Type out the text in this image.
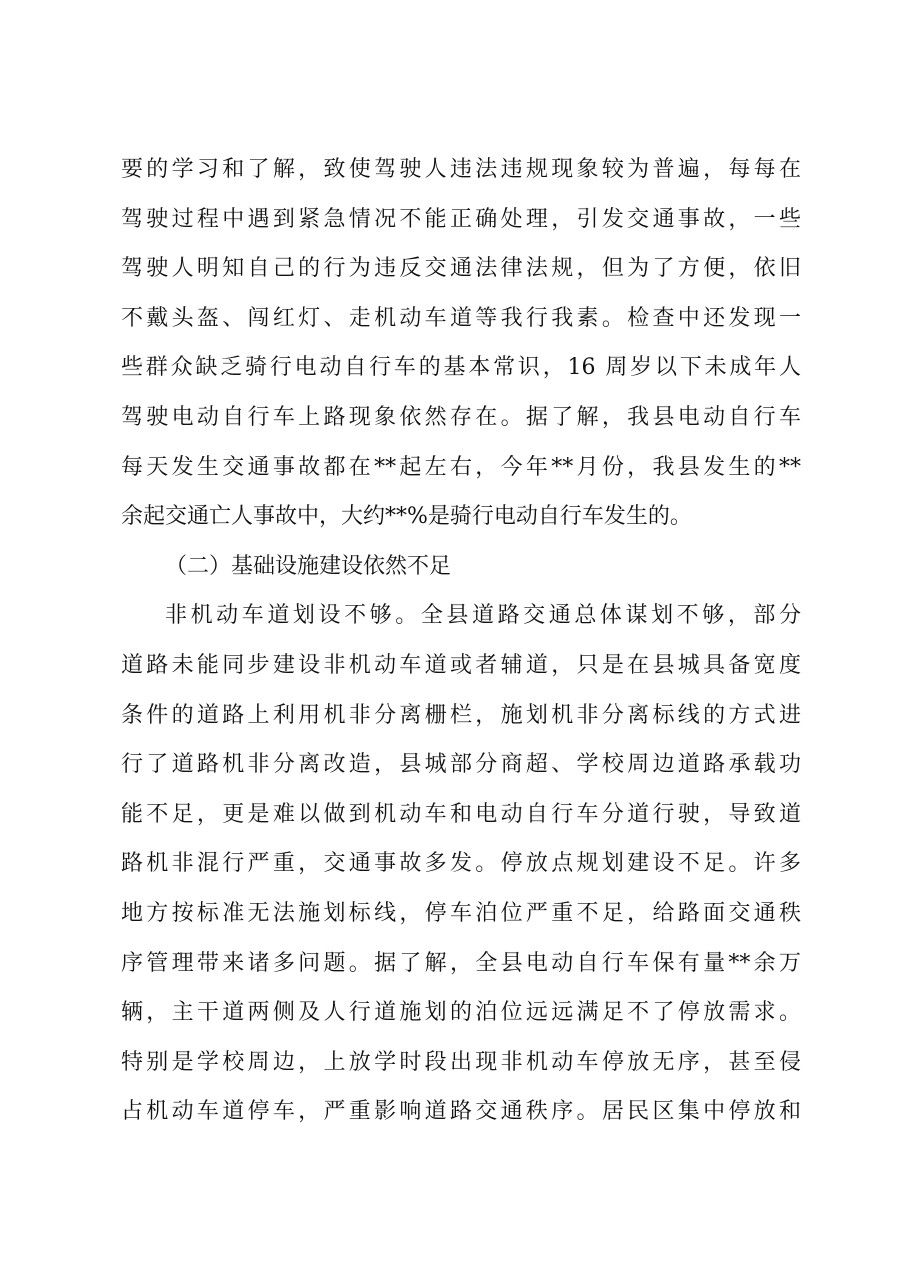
要的学习和了解，致使驾驶人违法违规现象较为普遍，每每在
驾驶过程中遇到紧急情况不能正确处理，引发交通事故，一些
驾驶人明知自己的行为违反交通法律法规，但为了方便，依旧
不戴头盔、闯红灯、走机动车道等我行我素。检查中还发现一
些群众缺乏骑行电动自行车的基本常识，16 周岁以下未成年人
驾驶电动自行车上路现象依然存在。据了解，我县电动自行车
每天发生交通事故都在**起左右，今年**月份，我县发生的**
余起交通亡人事故中，大约**%是骑行电动自行车发生的。
（二）基础设施建设依然不足
非机动车道划设不够。全县道路交通总体谋划不够，部分
道路未能同步建设非机动车道或者辅道，只是在县城具备宽度
条件的道路上利用机非分离栅栏，施划机非分离标线的方式进
行了道路机非分离改造，县城部分商超、学校周边道路承载功
能不足，更是难以做到机动车和电动自行车分道行驶，导致道
路机非混行严重，交通事故多发。停放点规划建设不足。许多
地方按标准无法施划标线，停车泊位严重不足，给路面交通秩
序管理带来诸多问题。据了解，全县电动自行车保有量**余万
辆，主干道两侧及人行道施划的泊位远远满足不了停放需求。
特别是学校周边，上放学时段出现非机动车停放无序，甚至侵
占机动车道停车，严重影响道路交通秩序。居民区集中停放和
